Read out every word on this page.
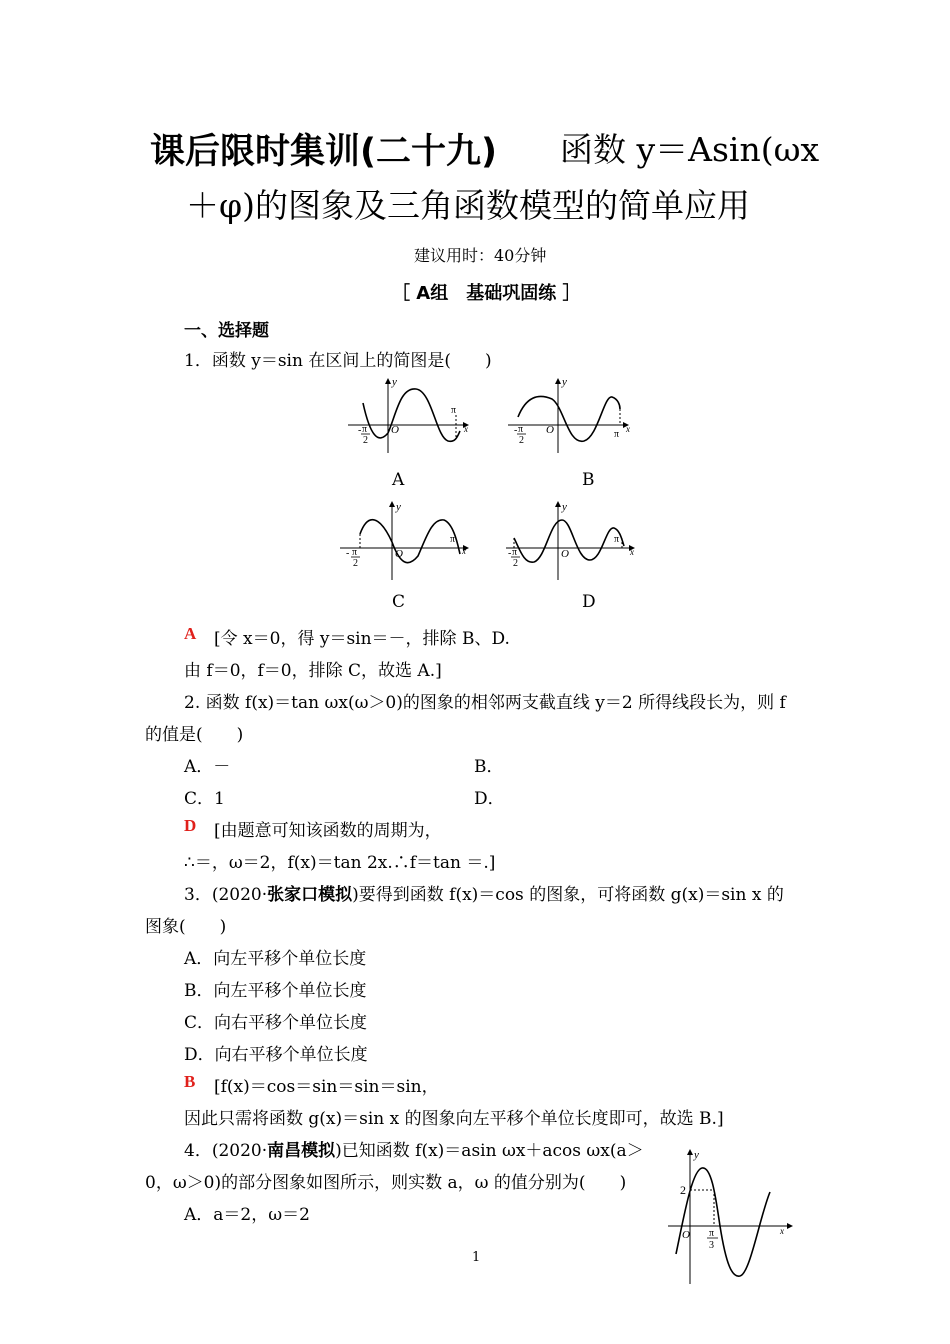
课后限时集训(二十九) 函数 y＝Asin(ωx
＋φ)的图象及三角函数模型的简单应用
建议用时：40分钟
［ A组　基础巩固练 ］
一、选择题
1．函数 y＝sin 在区间上的简图是(　　)
O
y
x
π
- π
2
O
y
x
π
- π
2
A	B
O
y
x
π
- π
2
O
y
x
π
- π
2
C	D
A [令 x＝0，得 y＝sin＝－，排除 B、D.
由 f＝0，f＝0，排除 C，故选 A.]
2. 函数 f(x)＝tan ωx(ω＞0)的图象的相邻两支截直线 y＝2 所得线段长为，则 f
的值是(　　)
A．－	B．
C．1	D．
D [由题意可知该函数的周期为，
∴＝，ω＝2，f(x)＝tan 2x.∴f＝tan ＝.]
3．(2020·张家口模拟)要得到函数 f(x)＝cos 的图象，可将函数 g(x)＝sin x 的
图象(　　)
A．向左平移个单位长度
B．向左平移个单位长度
C．向右平移个单位长度
D．向右平移个单位长度
B [f(x)＝cos＝sin＝sin＝sin，
因此只需将函数 g(x)＝sin x 的图象向左平移个单位长度即可，故选 B.]
4．(2020·南昌模拟)已知函数 f(x)＝asin ωx＋acos ωx(a＞
0，ω＞0)的部分图象如图所示，则实数 a，ω 的值分别为(　　)
A．a＝2，ω＝2
2
y
O	x
π
3
1
